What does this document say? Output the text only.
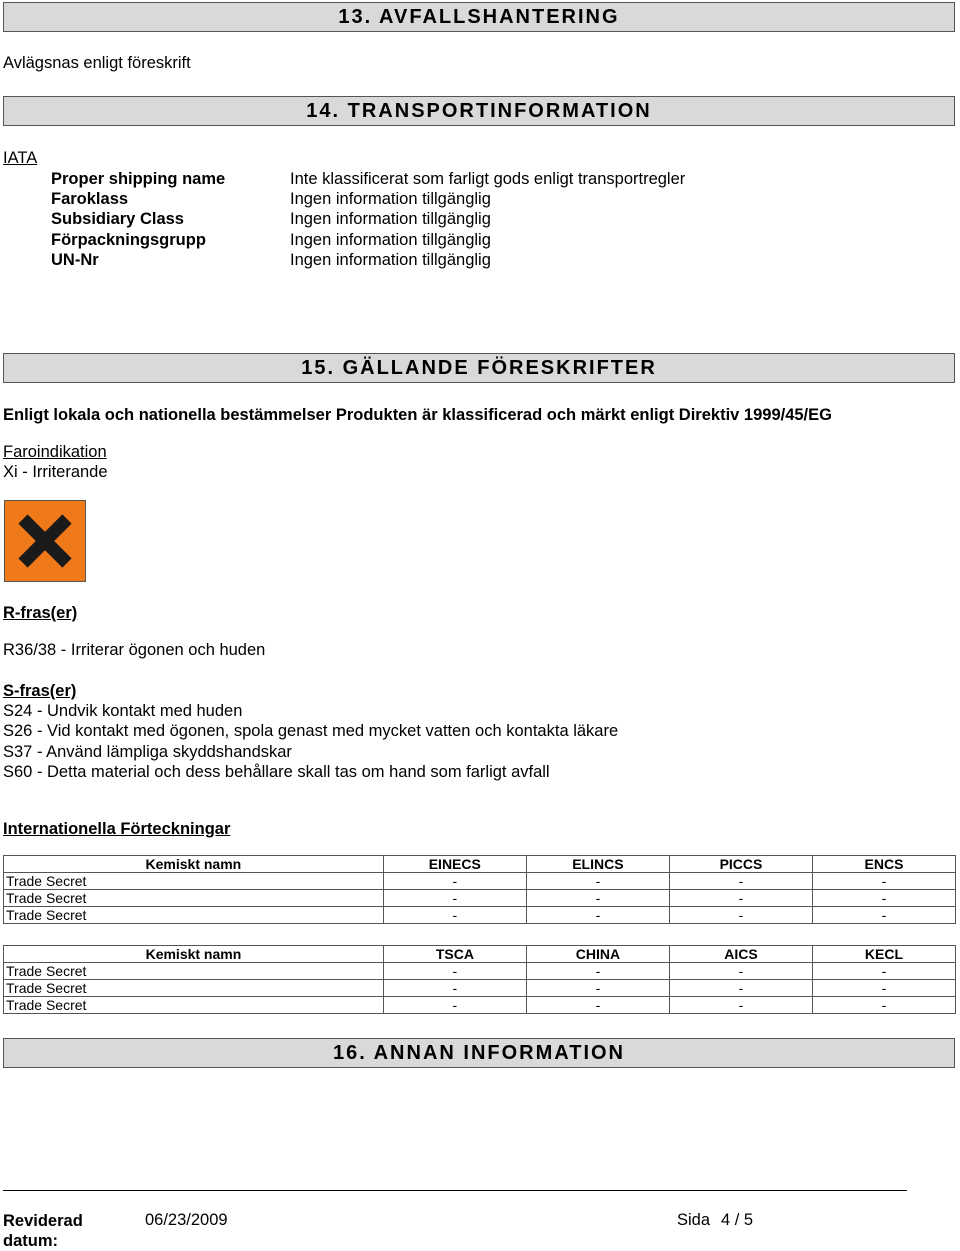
13. AVFALLSHANTERING
Avlägsnas enligt föreskrift
14. TRANSPORTINFORMATION
IATA
Proper shipping name	Inte klassificerat som farligt gods enligt transportregler
Faroklass	Ingen information tillgänglig
Subsidiary Class	Ingen information tillgänglig
Förpackningsgrupp	Ingen information tillgänglig
UN-Nr	Ingen information tillgänglig
15. GÄLLANDE FÖRESKRIFTER
Enligt lokala och nationella bestämmelser Produkten är klassificerad och märkt enligt Direktiv 1999/45/EG
Faroindikation
Xi - Irriterande
R-fras(er)
R36/38 - Irriterar ögonen och huden
S-fras(er)
S24 - Undvik kontakt med huden
S26 - Vid kontakt med ögonen, spola genast med mycket vatten och kontakta läkare
S37 - Använd lämpliga skyddshandskar
S60 - Detta material och dess behållare skall tas om hand som farligt avfall
Internationella Förteckningar
Kemiskt namn	EINECS	ELINCS	PICCS	ENCS
Trade Secret	-	-	-	-
Trade Secret	-	-	-	-
Trade Secret	-	-	-	-
Kemiskt namn	TSCA	CHINA	AICS	KECL
Trade Secret	-	-	-	-
Trade Secret	-	-	-	-
Trade Secret	-	-	-	-
16. ANNAN INFORMATION
Reviderad
datum:
06/23/2009	Sida 4 / 5
